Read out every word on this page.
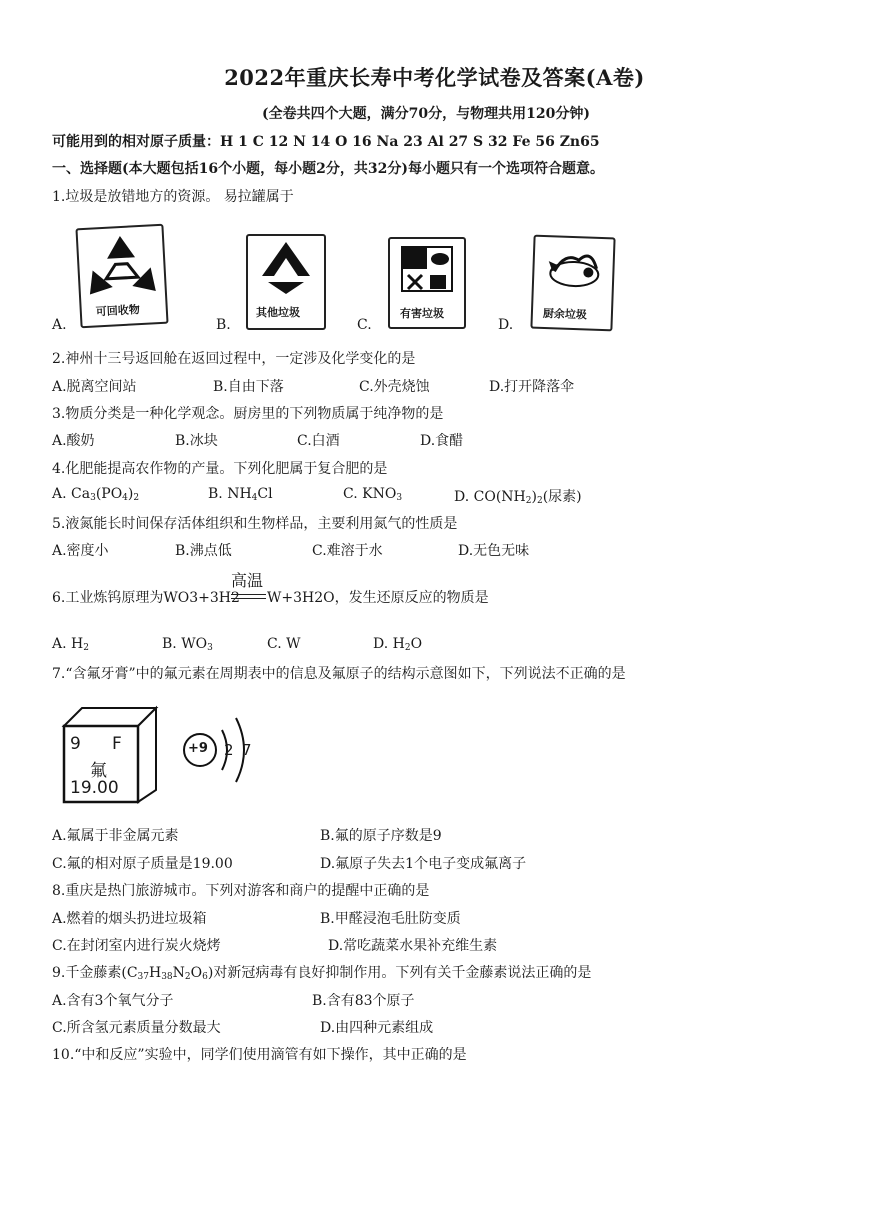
2022年重庆长寿中考化学试卷及答案(A卷)
(全卷共四个大题，满分70分，与物理共用120分钟)
可能用到的相对原子质量：H 1 C 12 N 14 O 16 Na 23 Al 27 S 32 Fe 56 Zn65
一、选择题(本大题包括16个小题，每小题2分，共32分)每小题只有一个选项符合题意。
1.垃圾是放错地方的资源。 易拉罐属于
A.
可回收物
B.
其他垃圾
C.
有害垃圾
D.
厨余垃圾
2.神州十三号返回舱在返回过程中，一定涉及化学变化的是
A.脱离空间站	B.自由下落	C.外壳烧蚀	D.打开降落伞
3.物质分类是一种化学观念。厨房里的下列物质属于纯净物的是
A.酸奶	B.冰块	C.白酒	D.食醋
4.化肥能提高农作物的产量。下列化肥属于复合肥的是
A. $Ca_3(PO_4)_2$	B. $NH_4Cl$	C. $KNO_3$	D. $CO(NH_2)_2$(尿素)
5.液氮能长时间保存活体组织和生物样品，主要利用氮气的性质是
A.密度小	B.沸点低	C.难溶于水	D.无色无味
6.工业炼钨原理为WO3+3H2
高温
W+3H2O，发生还原反应的物质是
A. $H_2$	B. $WO_3$	C. W	D. $H_2O$
7.“含氟牙膏”中的氟元素在周期表中的信息及氟原子的结构示意图如下，下列说法不正确的是
9 F
氟
19.00
+9 2 7
A.氟属于非金属元素	B.氟的原子序数是9
C.氟的相对原子质量是19.00	D.氟原子失去1个电子变成氟离子
8.重庆是热门旅游城市。下列对游客和商户的提醒中正确的是
A.燃着的烟头扔进垃圾箱	B.甲醛浸泡毛肚防变质
C.在封闭室内进行炭火烧烤	D.常吃蔬菜水果补充维生素
9.千金藤素$(C_{37}H_{38}N_2O_6)$对新冠病毒有良好抑制作用。下列有关千金藤素说法正确的是
A.含有3个氧气分子	B.含有83个原子
C.所含氢元素质量分数最大	D.由四种元素组成
10.“中和反应”实验中，同学们使用滴管有如下操作，其中正确的是
